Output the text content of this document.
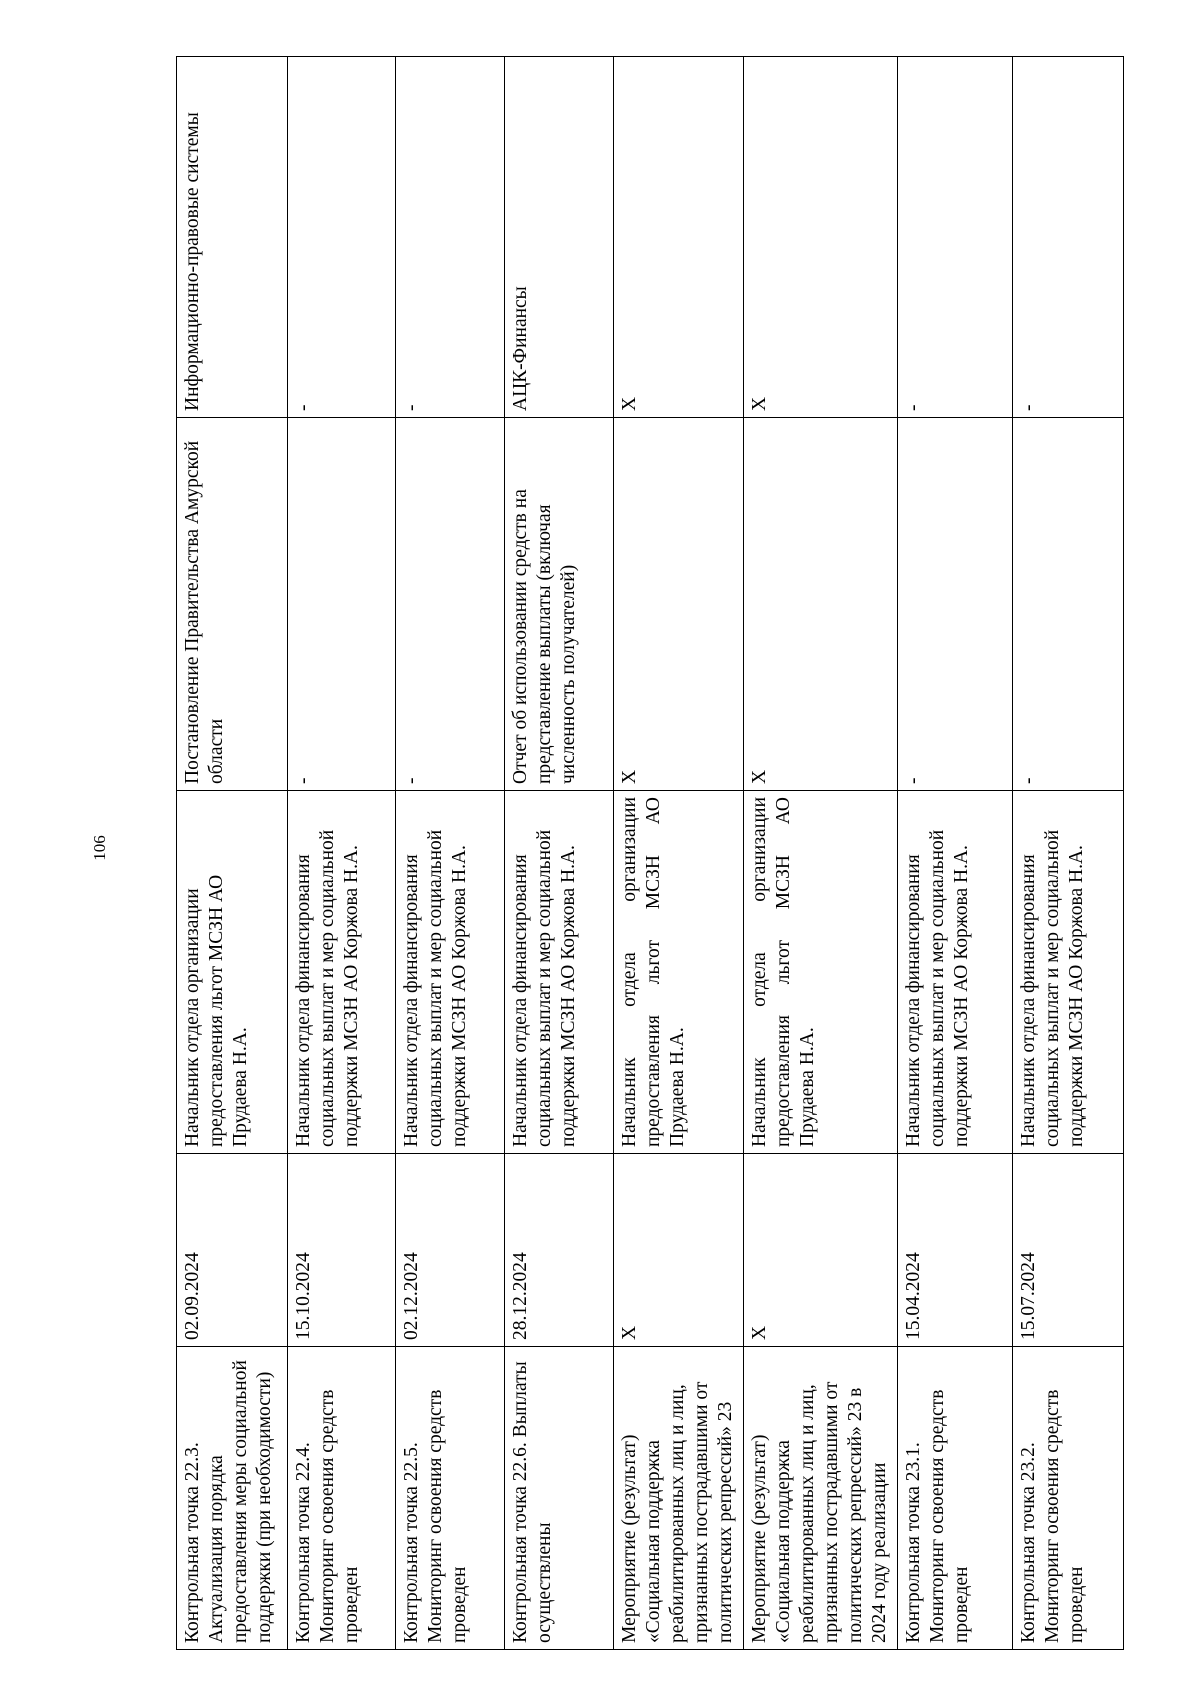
106
Контрольная точка 22.3. Актуализация порядка предоставления меры социальной поддержки (при необходимости)	02.09.2024	Начальник отдела организации предоставления льгот МСЗН АО Прудаева Н.А.	Постановление Правительства Амурской области	Информационно-правовые системы
Контрольная точка 22.4. Мониторинг освоения средств проведен	15.10.2024	Начальник отдела финансирования социальных выплат и мер социальной поддержки МСЗН АО Коржова Н.А.	-	-
Контрольная точка 22.5. Мониторинг освоения средств проведен	02.12.2024	Начальник отдела финансирования социальных выплат и мер социальной поддержки МСЗН АО Коржова Н.А.	-	-
Контрольная точка 22.6. Выплаты осуществлены	28.12.2024	Начальник отдела финансирования социальных выплат и мер социальной поддержки МСЗН АО Коржова Н.А.	Отчет об использовании средств на представление выплаты (включая численность получателей)	АЦК-Финансы
Мероприятие (результат) «Социальная поддержка реабилитированных лиц и лиц, признанных пострадавшими от политических репрессий» 23	Х	Начальник отдела организации предоставления льгот МСЗН АО Прудаева Н.А.	Х	Х
Мероприятие (результат) «Социальная поддержка реабилитированных лиц и лиц, признанных пострадавшими от политических репрессий» 23 в 2024 году реализации	Х	Начальник отдела организации предоставления льгот МСЗН АО Прудаева Н.А.	Х	Х
Контрольная точка 23.1. Мониторинг освоения средств проведен	15.04.2024	Начальник отдела финансирования социальных выплат и мер социальной поддержки МСЗН АО Коржова Н.А.	-	-
Контрольная точка 23.2. Мониторинг освоения средств проведен	15.07.2024	Начальник отдела финансирования социальных выплат и мер социальной поддержки МСЗН АО Коржова Н.А.	-	-
